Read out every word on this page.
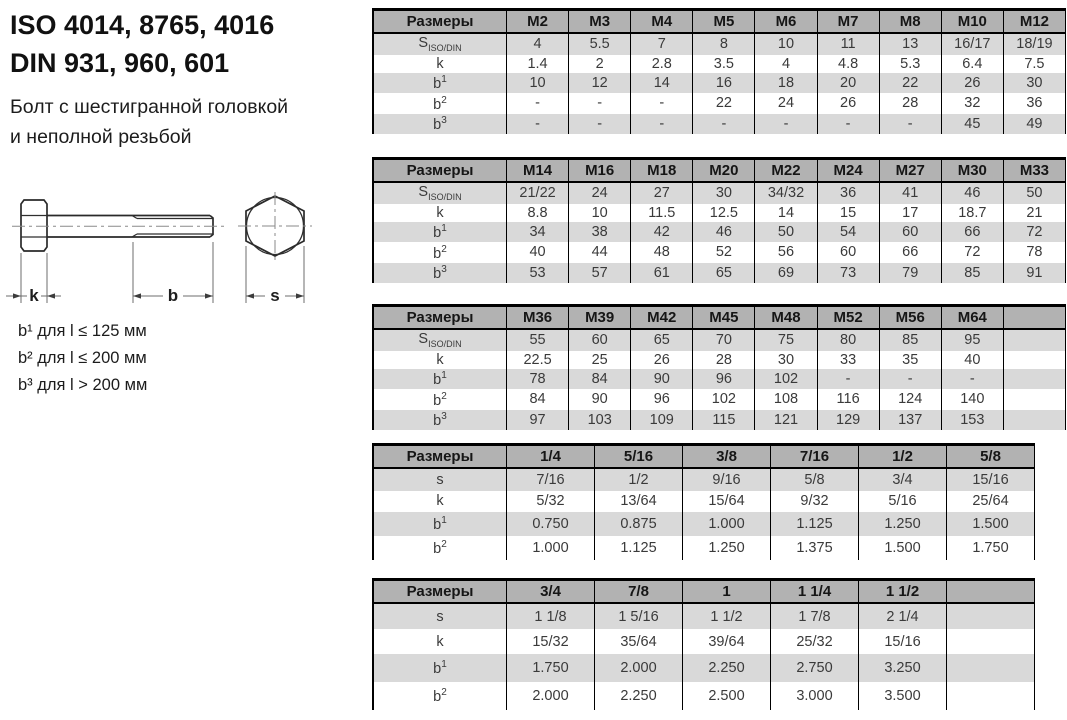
ISO 4014, 8765, 4016
DIN 931, 960, 601
Болт с шестигранной головкой
и неполной резьбой
k	b	s
b¹ для l ≤ 125 мм
b² для l ≤ 200 мм
b³ для l > 200 мм
Размеры	M2	M3	M4	M5	M6	M7	M8	M10	M12
$S_{ISO/DIN}$	4	5.5	7	8	10	11	13	16/17	18/19
k	1.4	2	2.8	3.5	4	4.8	5.3	6.4	7.5
$b^1$	10	12	14	16	18	20	22	26	30
$b^2$	-	-	-	22	24	26	28	32	36
$b^3$	-	-	-	-	-	-	-	45	49
Размеры	M14	M16	M18	M20	M22	M24	M27	M30	M33
$S_{ISO/DIN}$	21/22	24	27	30	34/32	36	41	46	50
k	8.8	10	11.5	12.5	14	15	17	18.7	21
$b^1$	34	38	42	46	50	54	60	66	72
$b^2$	40	44	48	52	56	60	66	72	78
$b^3$	53	57	61	65	69	73	79	85	91
Размеры	M36	M39	M42	M45	M48	M52	M56	M64	
$S_{ISO/DIN}$	55	60	65	70	75	80	85	95	
k	22.5	25	26	28	30	33	35	40	
$b^1$	78	84	90	96	102	-	-	-	
$b^2$	84	90	96	102	108	116	124	140	
$b^3$	97	103	109	115	121	129	137	153	
Размеры	1/4	5/16	3/8	7/16	1/2	5/8
s	7/16	1/2	9/16	5/8	3/4	15/16
k	5/32	13/64	15/64	9/32	5/16	25/64
$b^1$	0.750	0.875	1.000	1.125	1.250	1.500
$b^2$	1.000	1.125	1.250	1.375	1.500	1.750
Размеры	3/4	7/8	1	1 1/4	1 1/2	
s	1 1/8	1 5/16	1 1/2	1 7/8	2 1/4	
k	15/32	35/64	39/64	25/32	15/16	
$b^1$	1.750	2.000	2.250	2.750	3.250	
$b^2$	2.000	2.250	2.500	3.000	3.500	
